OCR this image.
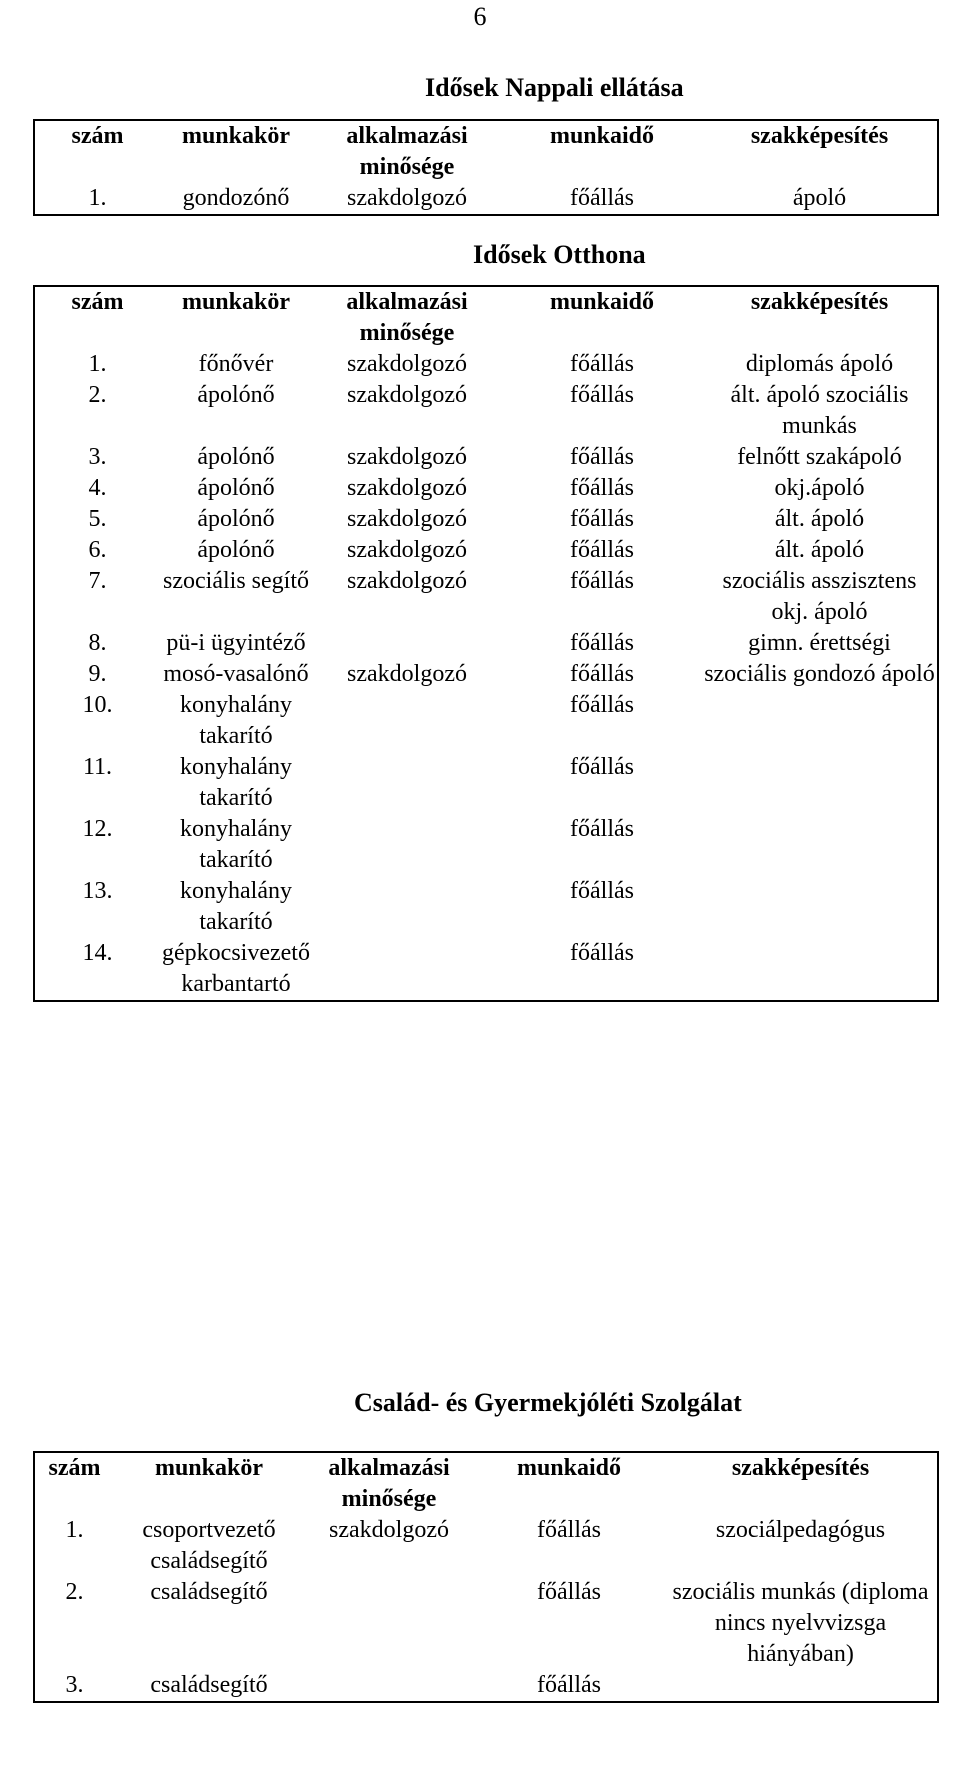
6
Idősek Nappali ellátása
szám	munkakör	alkalmazási minősége	munkaidő	szakképesítés
1.	gondozónő	szakdolgozó	főállás	ápoló
Idősek Otthona
szám	munkakör	alkalmazási minősége	munkaidő	szakképesítés
1.	főnővér	szakdolgozó	főállás	diplomás ápoló
2.	ápolónő	szakdolgozó	főállás	ált. ápoló szociális munkás
3.	ápolónő	szakdolgozó	főállás	felnőtt szakápoló
4.	ápolónő	szakdolgozó	főállás	okj.ápoló
5.	ápolónő	szakdolgozó	főállás	ált. ápoló
6.	ápolónő	szakdolgozó	főállás	ált. ápoló
7.	szociális segítő	szakdolgozó	főállás	szociális asszisztens okj. ápoló
8.	pü-i ügyintéző		főállás	gimn. érettségi
9.	mosó-vasalónő	szakdolgozó	főállás	szociális gondozó ápoló
10.	konyhalány takarító		főállás	
11.	konyhalány takarító		főállás	
12.	konyhalány takarító		főállás	
13.	konyhalány takarító		főállás	
14.	gépkocsivezető karbantartó		főállás	
Család- és Gyermekjóléti Szolgálat
szám	munkakör	alkalmazási minősége	munkaidő	szakképesítés
1.	csoportvezető családsegítő	szakdolgozó	főállás	szociálpedagógus
2.	családsegítő		főállás	szociális munkás (diploma nincs nyelvvizsga hiányában)
3.	családsegítő		főállás	
